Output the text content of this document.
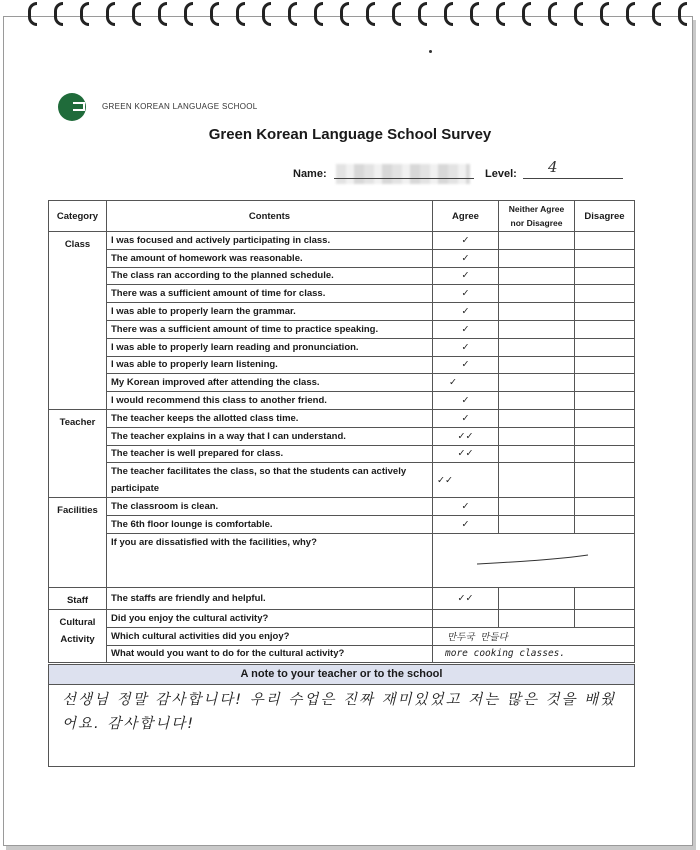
GREEN KOREAN LANGUAGE SCHOOL
Green Korean Language School Survey
Name:	Level: 4
Category	Contents	Agree	Neither Agree nor Disagree	Disagree
Class	I was focused and actively participating in class.	✓		
	The amount of homework was reasonable.	✓		
	The class ran according to the planned schedule.	✓		
	There was a sufficient amount of time for class.	✓		
	I was able to properly learn the grammar.	✓		
	There was a sufficient amount of time to practice speaking.	✓		
	I was able to properly learn reading and pronunciation.	✓		
	I was able to properly learn listening.	✓		
	My Korean improved after attending the class.	✓		
	I would recommend this class to another friend.	✓		
Teacher	The teacher keeps the allotted class time.	✓		
	The teacher explains in a way that I can understand.	✓✓		
	The teacher is well prepared for class.	✓✓		
	The teacher facilitates the class, so that the students can actively participate	✓✓		
Facilities	The classroom is clean.	✓		
	The 6th floor lounge is comfortable.	✓		
	If you are dissatisfied with the facilities, why?	

Staff	The staffs are friendly and helpful.	✓✓		
Cultural Activity	Did you enjoy the cultural activity?			
	Which cultural activities did you enjoy?	만두국 만들다		
	What would you want to do for the cultural activity?	more cooking classes.		
A note to your teacher or to the school
선생님 정말 감사합니다! 우리 수업은 진짜 재미있었고 저는 많은 것을 배웠어요. 감사합니다!
